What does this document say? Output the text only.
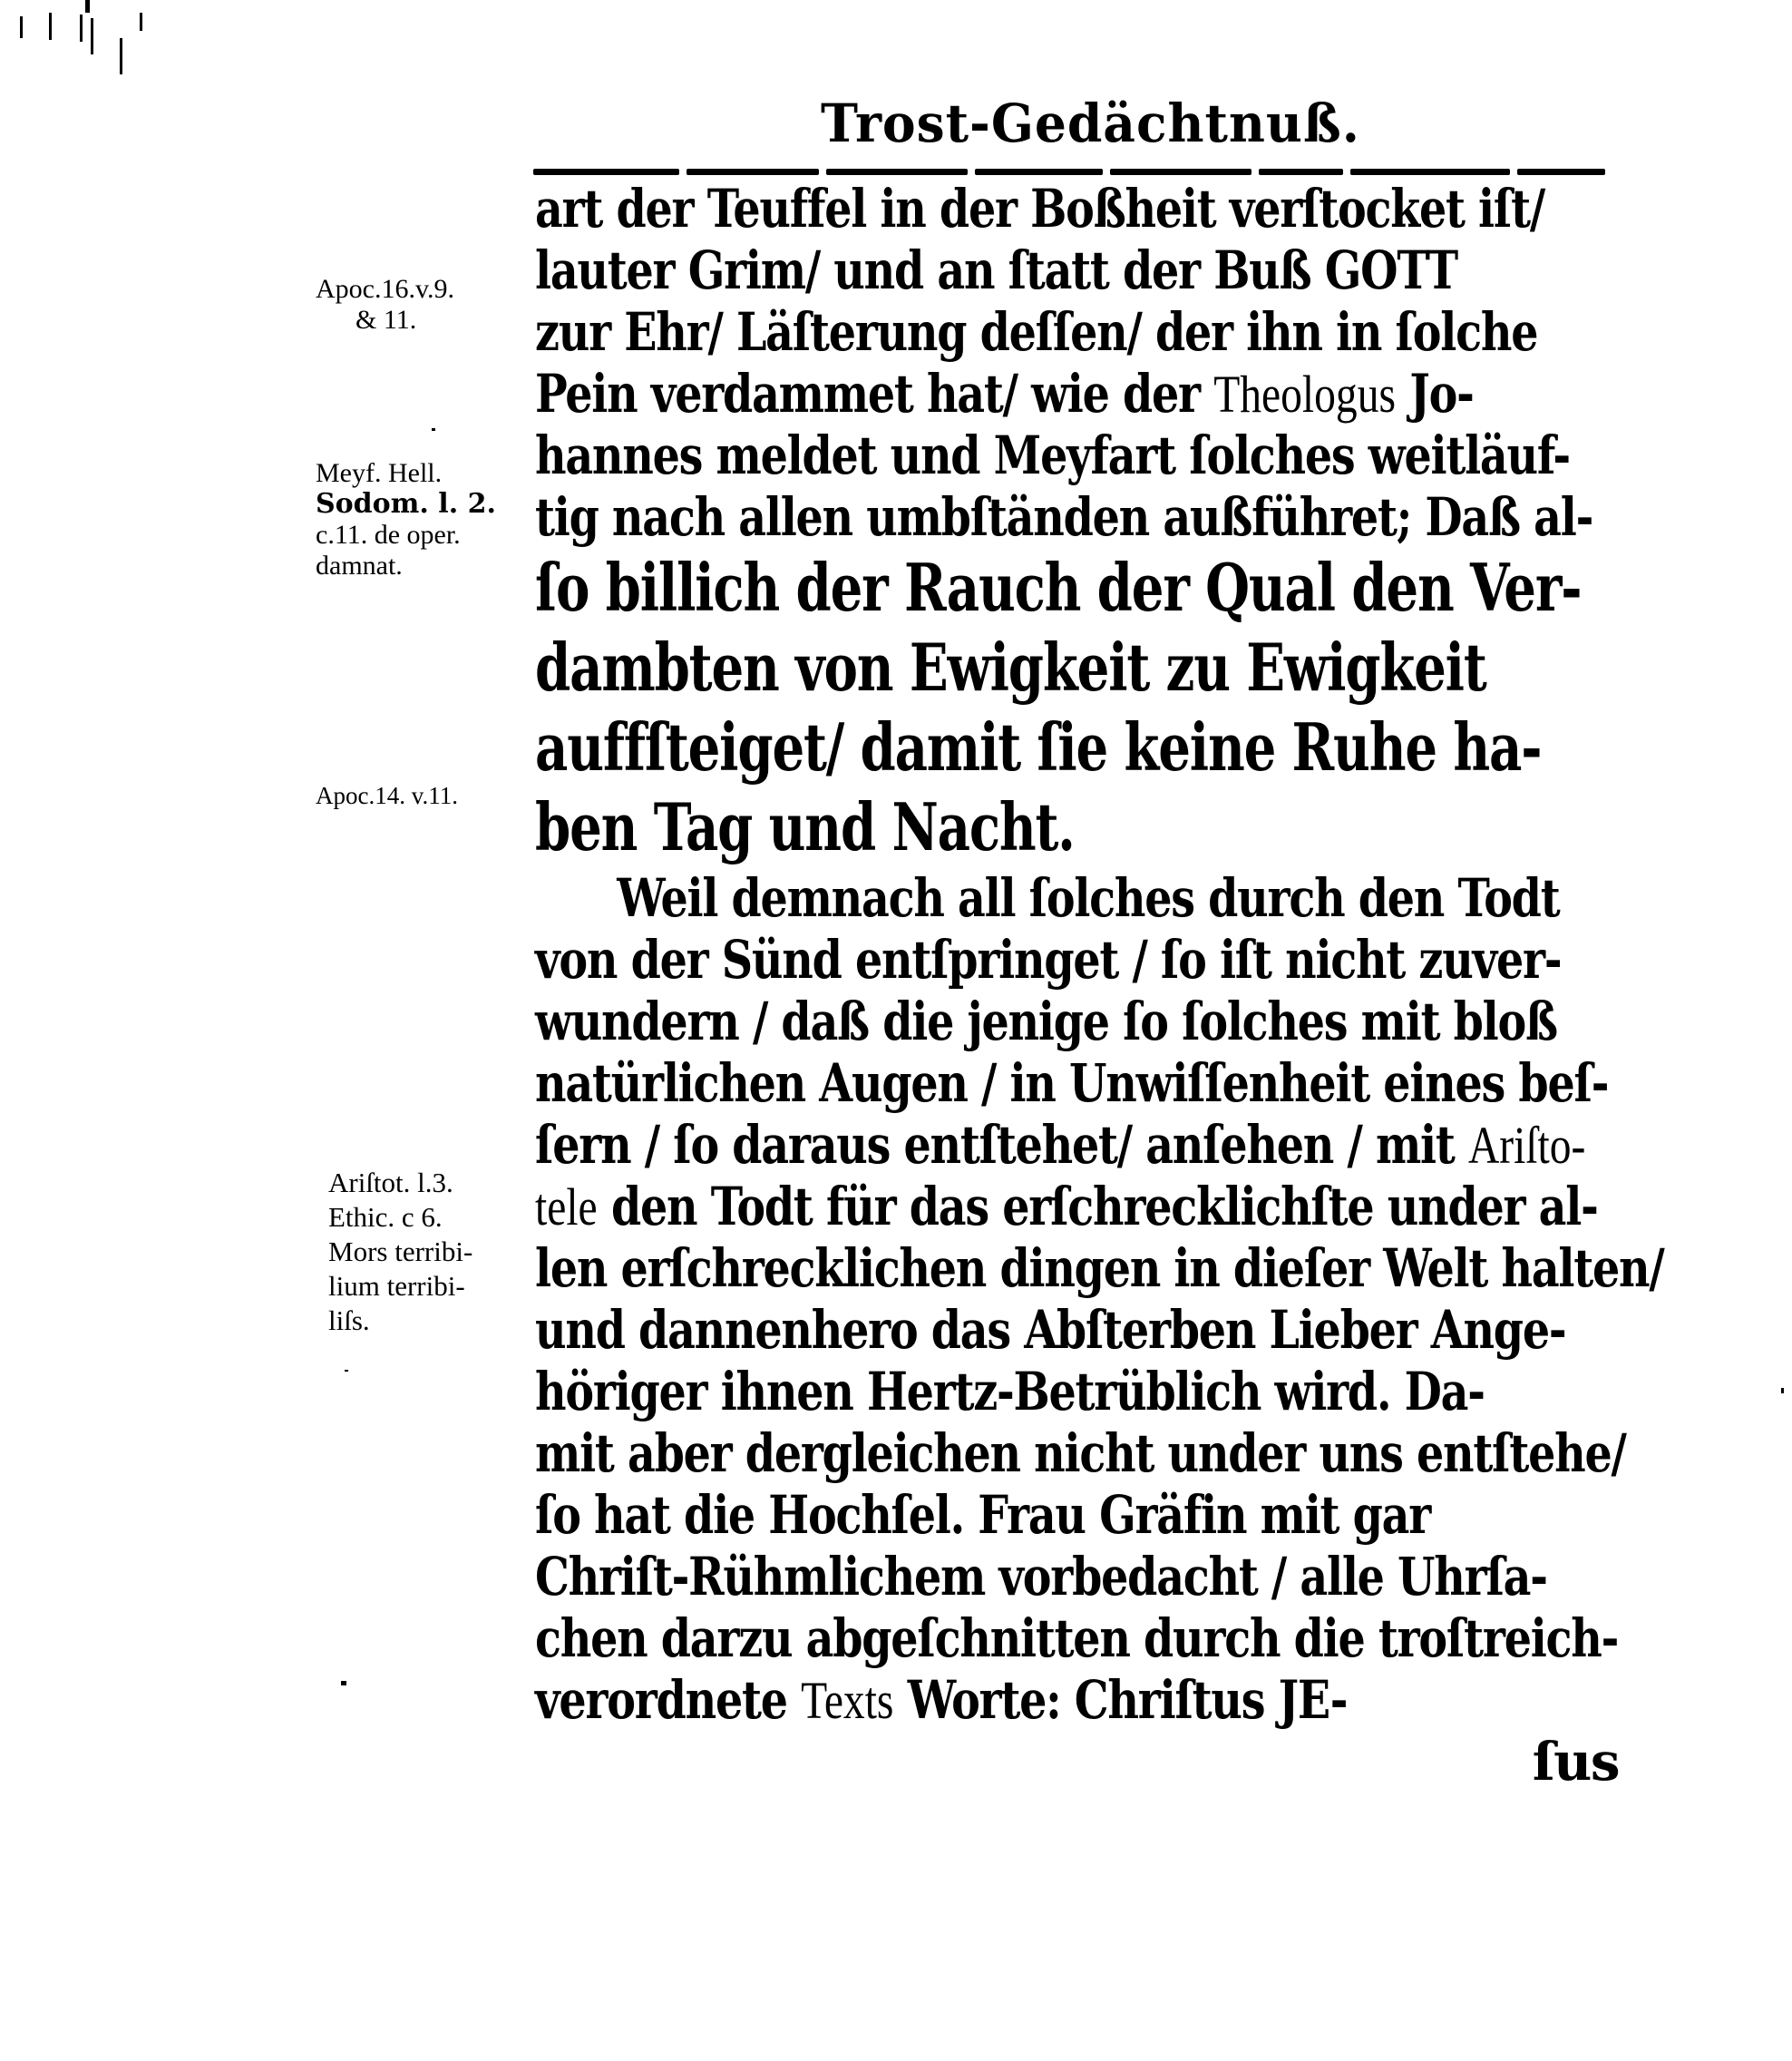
Trost-Gedächtnuß.
art der Teuffel in der Boßheit verſtocket iſt/
lauter Grim/ und an ſtatt der Buß GOTT
zur Ehr/ Läſterung deſſen/ der ihn in ſolche
Pein verdammet hat/ wie der Theologus Jo-
hannes meldet und Meyfart ſolches weitläuf-
tig nach allen umbſtänden außführet; Daß al-
ſo billich der Rauch der Qual den Ver-
dambten von Ewigkeit zu Ewigkeit
auffſteiget/ damit ſie keine Ruhe ha-
ben Tag und Nacht.
Weil demnach all ſolches durch den Todt
von der Sünd entſpringet / ſo iſt nicht zuver-
wundern / daß die jenige ſo ſolches mit bloß
natürlichen Augen / in Unwiſſenheit eines beſ-
ſern / ſo daraus entſtehet/ anſehen / mit Ariſto-
tele den Todt für das erſchrecklichſte under al-
len erſchrecklichen dingen in dieſer Welt halten/
und dannenhero das Abſterben Lieber Ange-
höriger ihnen Hertz-Betrüblich wird. Da-
mit aber dergleichen nicht under uns entſtehe/
ſo hat die Hochſel. Frau Gräfin mit gar
Chriſt-Rühmlichem vorbedacht / alle Uhrſa-
chen darzu abgeſchnitten durch die troſtreich-
verordnete Texts Worte: Chriſtus JE-
ſus
Apoc.16.v.9.
& 11.
Meyf. Hell.
Sodom. l. 2.
c.11. de oper.
damnat.
Apoc.14. v.11.
Ariſtot. l.3.
Ethic. c 6.
Mors terribi-
lium terribi-
liſs.
